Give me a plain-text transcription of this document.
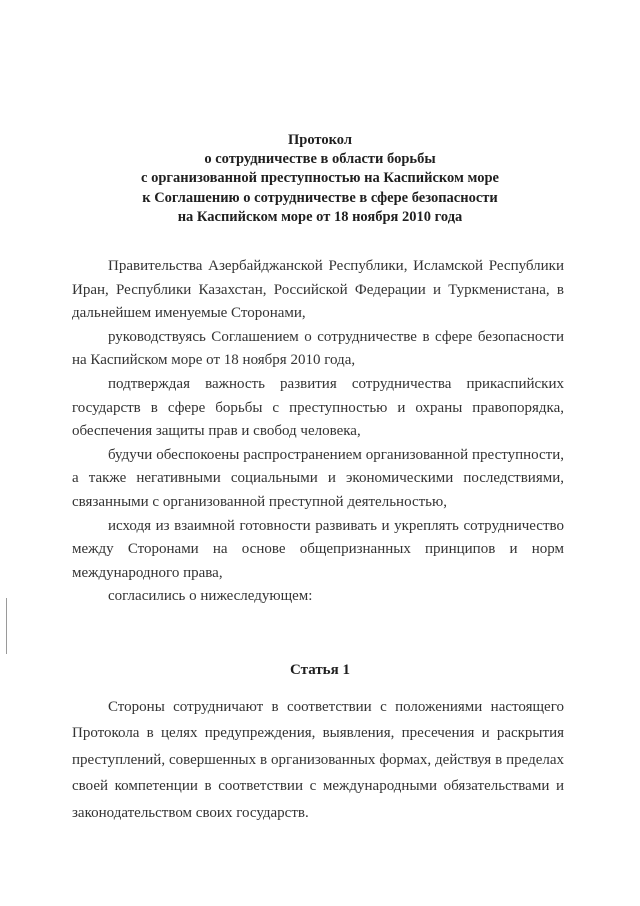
Протокол
о сотрудничестве в области борьбы
с организованной преступностью на Каспийском море
к Соглашению о сотрудничестве в сфере безопасности
на Каспийском море от 18 ноября 2010 года

Правительства Азербайджанской Республики, Исламской Республики Иран, Республики Казахстан, Российской Федерации и Туркменистана, в дальнейшем именуемые Сторонами,

руководствуясь Соглашением о сотрудничестве в сфере безопасности на Каспийском море от 18 ноября 2010 года,

подтверждая важность развития сотрудничества прикаспийских государств в сфере борьбы с преступностью и охраны правопорядка, обеспечения защиты прав и свобод человека,

будучи обеспокоены распространением организованной преступности, а также негативными социальными и экономическими последствиями, связанными с организованной преступной деятельностью,

исходя из взаимной готовности развивать и укреплять сотрудничество между Сторонами на основе общепризнанных принципов и норм международного права,

согласились о нижеследующем:

Статья 1

Стороны сотрудничают в соответствии с положениями настоящего Протокола в целях предупреждения, выявления, пресечения и раскрытия преступлений, совершенных в организованных формах, действуя в пределах своей компетенции в соответствии с международными обязательствами и законодательством своих государств.
